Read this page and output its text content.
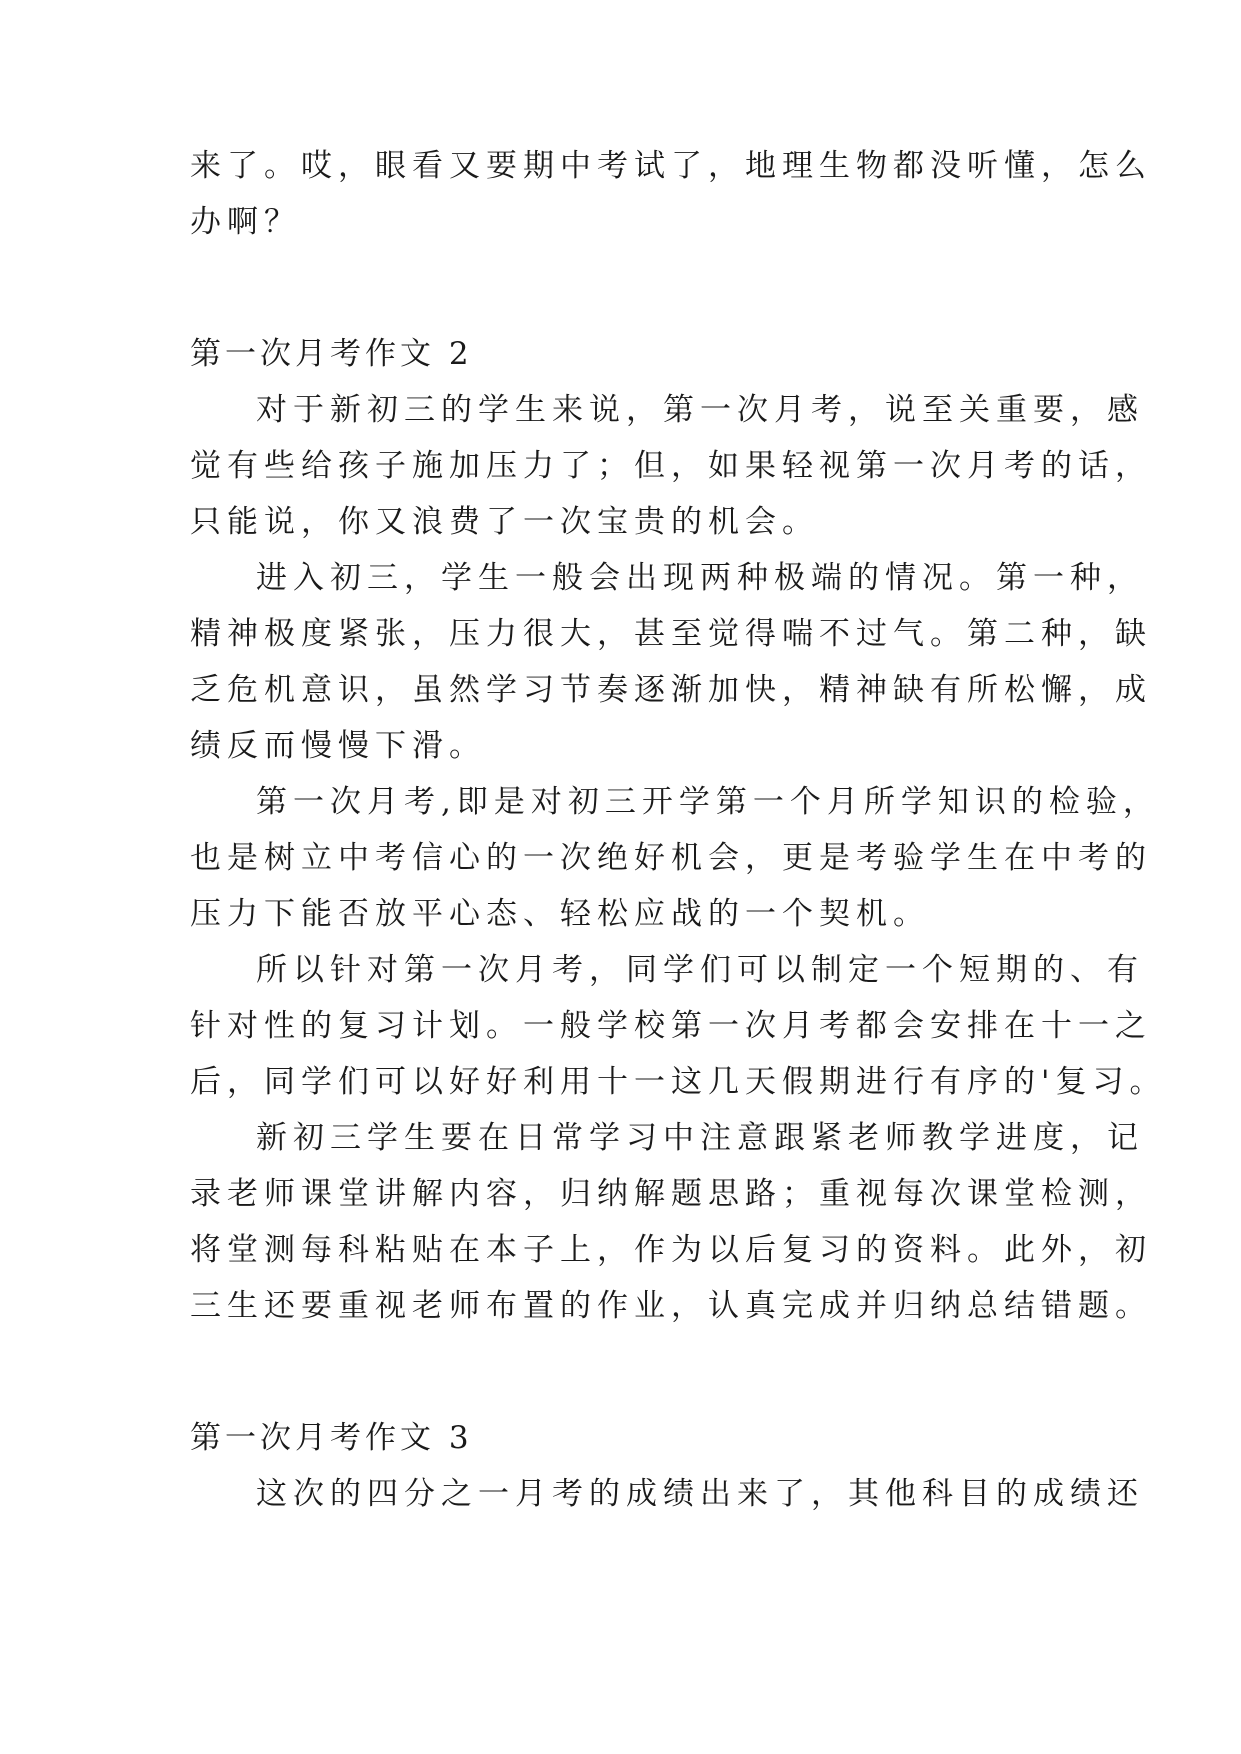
来了。哎，眼看又要期中考试了，地理生物都没听懂，怎么
办啊？
第一次月考作文 2
对于新初三的学生来说，第一次月考，说至关重要，感
觉有些给孩子施加压力了；但，如果轻视第一次月考的话，
只能说，你又浪费了一次宝贵的机会。
进入初三，学生一般会出现两种极端的情况。第一种，
精神极度紧张，压力很大，甚至觉得喘不过气。第二种，缺
乏危机意识，虽然学习节奏逐渐加快，精神缺有所松懈，成
绩反而慢慢下滑。
第一次月考,即是对初三开学第一个月所学知识的检验，
也是树立中考信心的一次绝好机会，更是考验学生在中考的
压力下能否放平心态、轻松应战的一个契机。
所以针对第一次月考，同学们可以制定一个短期的、有
针对性的复习计划。一般学校第一次月考都会安排在十一之
后，同学们可以好好利用十一这几天假期进行有序的'复习。
新初三学生要在日常学习中注意跟紧老师教学进度，记
录老师课堂讲解内容，归纳解题思路；重视每次课堂检测，
将堂测每科粘贴在本子上，作为以后复习的资料。此外，初
三生还要重视老师布置的作业，认真完成并归纳总结错题。
第一次月考作文 3
这次的四分之一月考的成绩出来了，其他科目的成绩还
